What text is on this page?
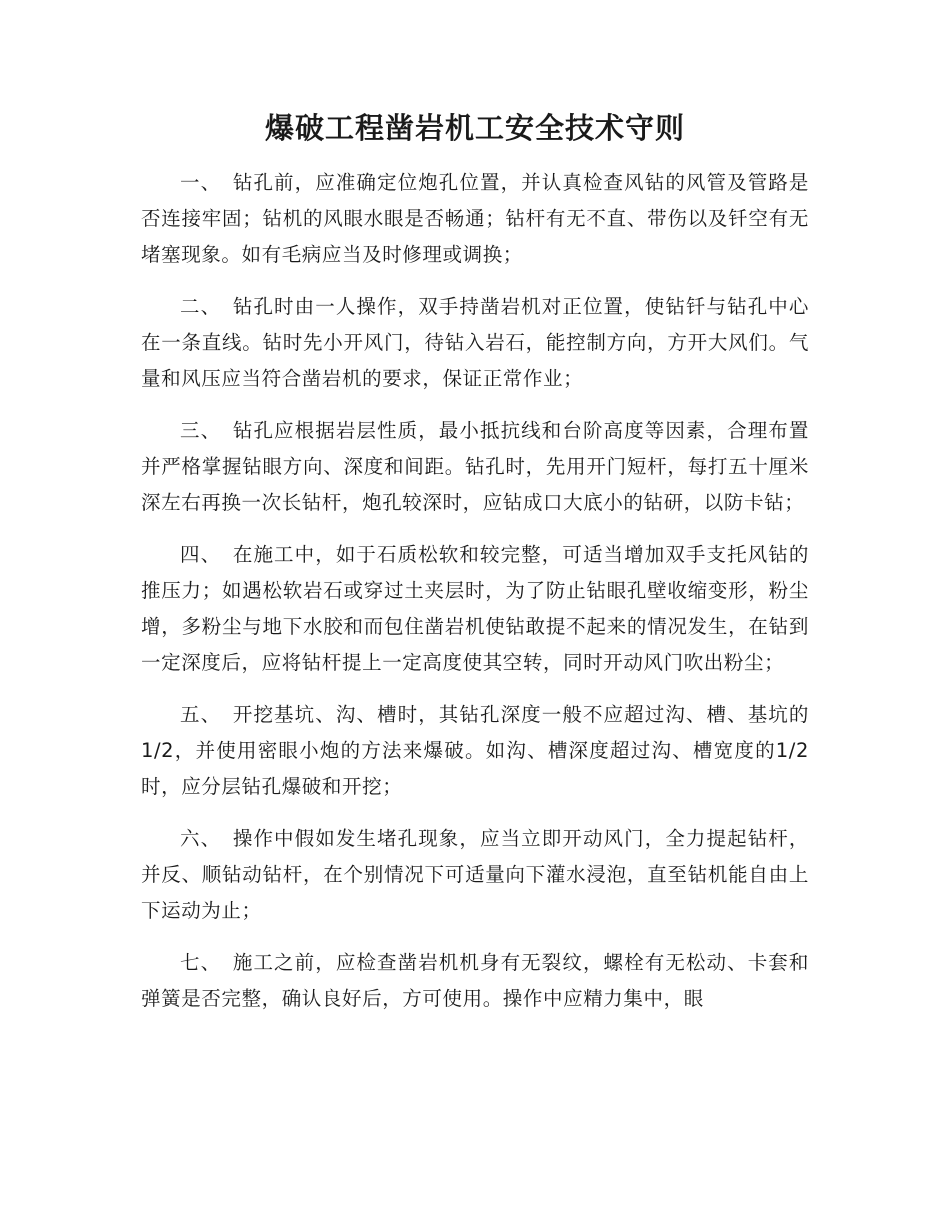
爆破工程凿岩机工安全技术守则

一、 钻孔前，应准确定位炮孔位置，并认真检查风钻的风管及管路是否连接牢固；钻机的风眼水眼是否畅通；钻杆有无不直、带伤以及钎空有无堵塞现象。如有毛病应当及时修理或调换；

二、 钻孔时由一人操作，双手持凿岩机对正位置，使钻钎与钻孔中心在一条直线。钻时先小开风门，待钻入岩石，能控制方向，方开大风们。气量和风压应当符合凿岩机的要求，保证正常作业；

三、 钻孔应根据岩层性质，最小抵抗线和台阶高度等因素，合理布置并严格掌握钻眼方向、深度和间距。钻孔时，先用开门短杆，每打五十厘米深左右再换一次长钻杆，炮孔较深时，应钻成口大底小的钻研，以防卡钻；

四、 在施工中，如于石质松软和较完整，可适当增加双手支托风钻的推压力；如遇松软岩石或穿过土夹层时，为了防止钻眼孔壁收缩变形，粉尘增，多粉尘与地下水胶和而包住凿岩机使钻敢提不起来的情况发生，在钻到一定深度后，应将钻杆提上一定高度使其空转，同时开动风门吹出粉尘；

五、 开挖基坑、沟、槽时，其钻孔深度一般不应超过沟、槽、基坑的1/2，并使用密眼小炮的方法来爆破。如沟、槽深度超过沟、槽宽度的1/2时，应分层钻孔爆破和开挖；

六、 操作中假如发生堵孔现象，应当立即开动风门，全力提起钻杆，并反、顺钻动钻杆，在个别情况下可适量向下灌水浸泡，直至钻机能自由上下运动为止；

七、 施工之前，应检查凿岩机机身有无裂纹，螺栓有无松动、卡套和弹簧是否完整，确认良好后，方可使用。操作中应精力集中，眼
